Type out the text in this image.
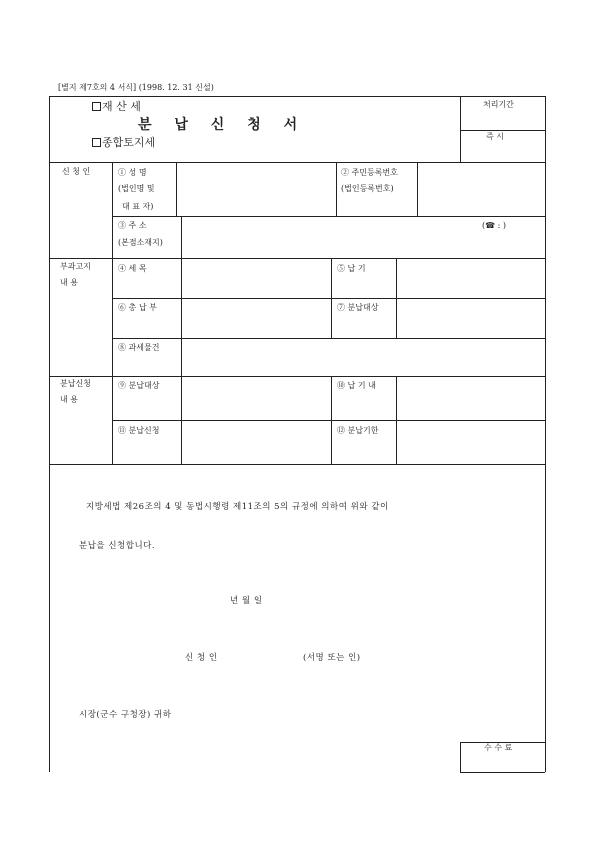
[별지 제7호의 4 서식] (1998. 12. 31 신설)
재 산 세
분 납 신 청 서
종합토지세
처리기간
즉 시
신 청 인	① 성 명
(법인명 및
대 표 자)
② 주민등록번호
(법인등록번호)
③ 주 소
(본점소재지)
(☎ : )
부과고지
내 용
④ 세 목	⑤ 납 기
⑥ 총 납 부	⑦ 분납대상
⑧ 과세물건
분납신청
내 용
⑨ 분납대상	⑩ 납 기 내
⑪ 분납신청	⑫ 분납기한
지방세법 제26조의 4 및 동법시행령 제11조의 5의 규정에 의하여 위와 같이
분납을 신청합니다.
년 월 일
신 청 인	(서명 또는 인)
시장(군수 구청장) 귀하
수 수 료
